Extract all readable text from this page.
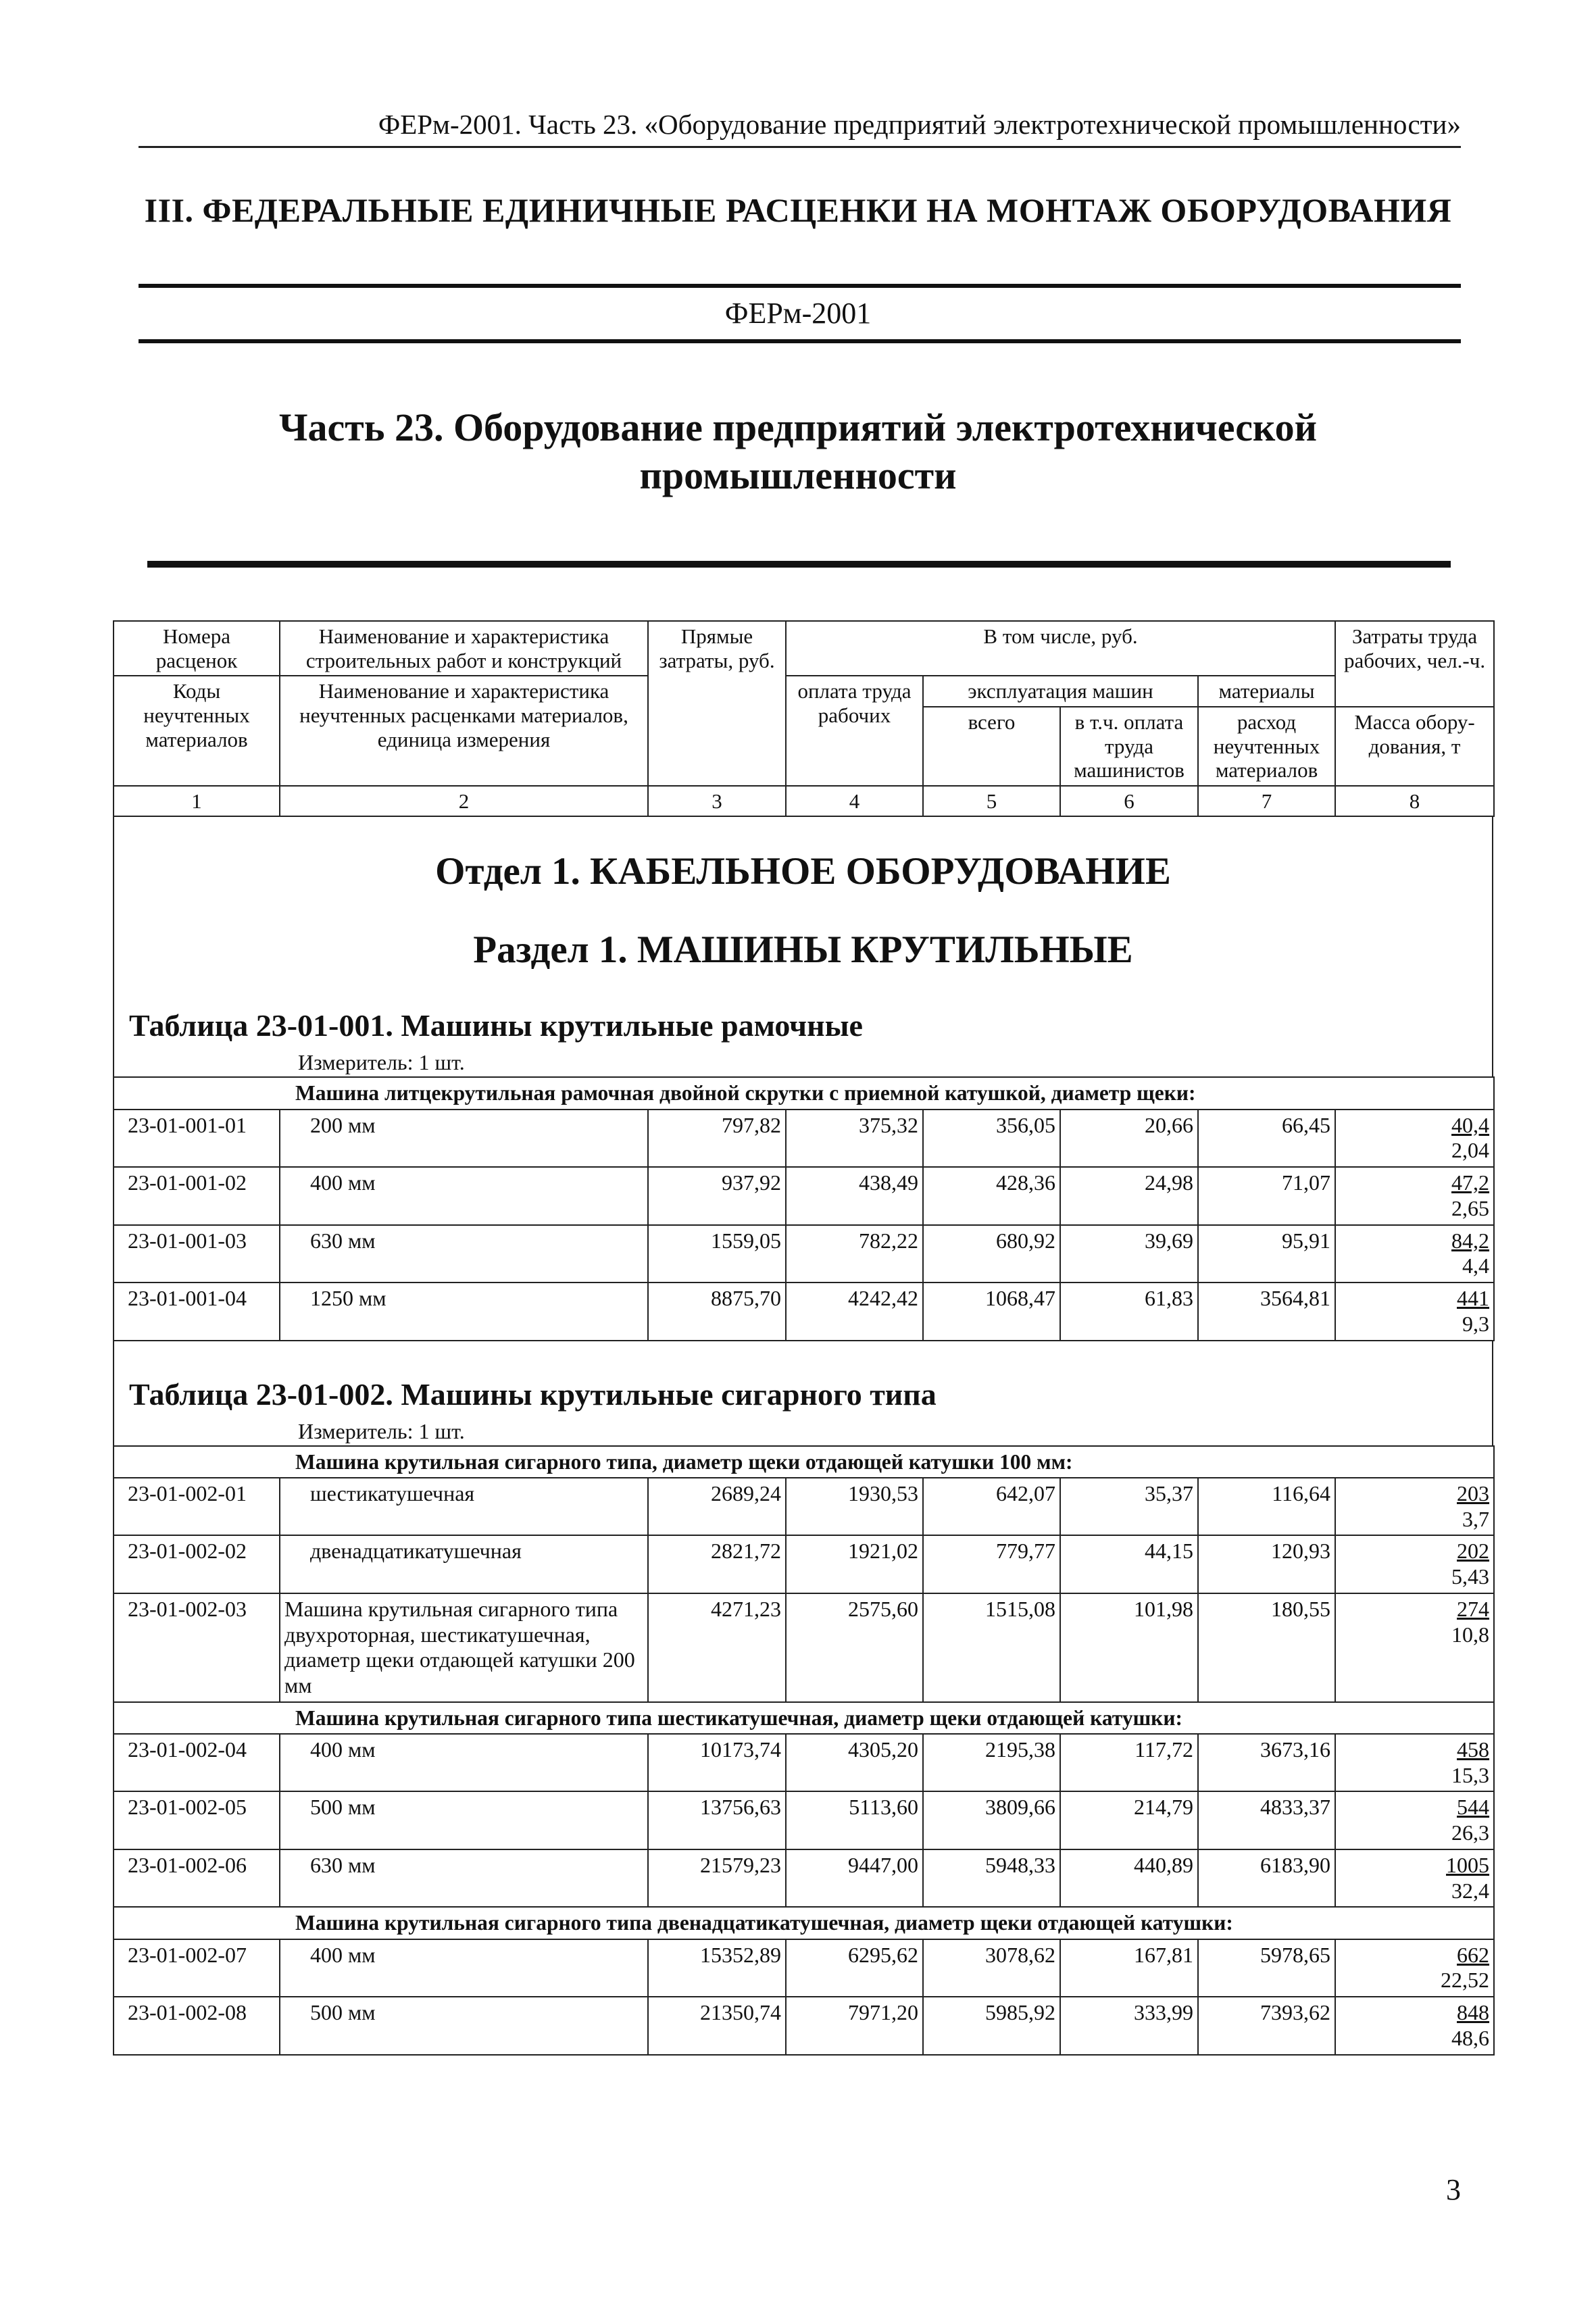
ФЕРм-2001. Часть 23. «Оборудование предприятий электротехнической промышленности»
III. ФЕДЕРАЛЬНЫЕ ЕДИНИЧНЫЕ РАСЦЕНКИ НА МОНТАЖ ОБОРУДОВАНИЯ
ФЕРм-2001
Часть 23. Оборудование предприятий электротехнической
промышленности
Номера расценок	Наименование и характеристика строительных работ и конструкций	Прямые затраты, руб.	В том числе, руб.				Затраты труда рабочих, чел.-ч.
Коды неучтенных материалов	Наименование и характеристика неучтенных расценками материалов, единица измерения		оплата труда рабочих	эксплуатация машин		материалы	
				всего	в т.ч. оплата труда машинистов	расход неучтенных материалов	Масса обору-дования, т
1	2	3	4	5	6	7	8
Отдел 1. КАБЕЛЬНОЕ ОБОРУДОВАНИЕ
Раздел 1. МАШИНЫ КРУТИЛЬНЫЕ
Таблица 23-01-001. Машины крутильные рамочные
Измеритель: 1 шт.
Машина литцекрутильная рамочная двойной скрутки с приемной катушкой, диаметр щеки:							
23-01-001-01	200 мм	797,82	375,32	356,05	20,66	66,45	40,4
2,04

23-01-001-02	400 мм	937,92	438,49	428,36	24,98	71,07	47,2
2,65

23-01-001-03	630 мм	1559,05	782,22	680,92	39,69	95,91	84,2
4,4

23-01-001-04	1250 мм	8875,70	4242,42	1068,47	61,83	3564,81	441
9,3
Таблица 23-01-002. Машины крутильные сигарного типа
Измеритель: 1 шт.
Машина крутильная сигарного типа, диаметр щеки отдающей катушки 100 мм:							
23-01-002-01	шестикатушечная	2689,24	1930,53	642,07	35,37	116,64	203
3,7

23-01-002-02	двенадцатикатушечная	2821,72	1921,02	779,77	44,15	120,93	202
5,43

23-01-002-03	Машина крутильная сигарного типа двухроторная, шестикатушечная, диаметр щеки отдающей катушки 200 мм	4271,23	2575,60	1515,08	101,98	180,55	274
10,8

Машина крутильная сигарного типа шестикатушечная, диаметр щеки отдающей катушки:							
23-01-002-04	400 мм	10173,74	4305,20	2195,38	117,72	3673,16	458
15,3

23-01-002-05	500 мм	13756,63	5113,60	3809,66	214,79	4833,37	544
26,3

23-01-002-06	630 мм	21579,23	9447,00	5948,33	440,89	6183,90	1005
32,4

Машина крутильная сигарного типа двенадцатикатушечная, диаметр щеки отдающей катушки:							
23-01-002-07	400 мм	15352,89	6295,62	3078,62	167,81	5978,65	662
22,52

23-01-002-08	500 мм	21350,74	7971,20	5985,92	333,99	7393,62	848
48,6
3
